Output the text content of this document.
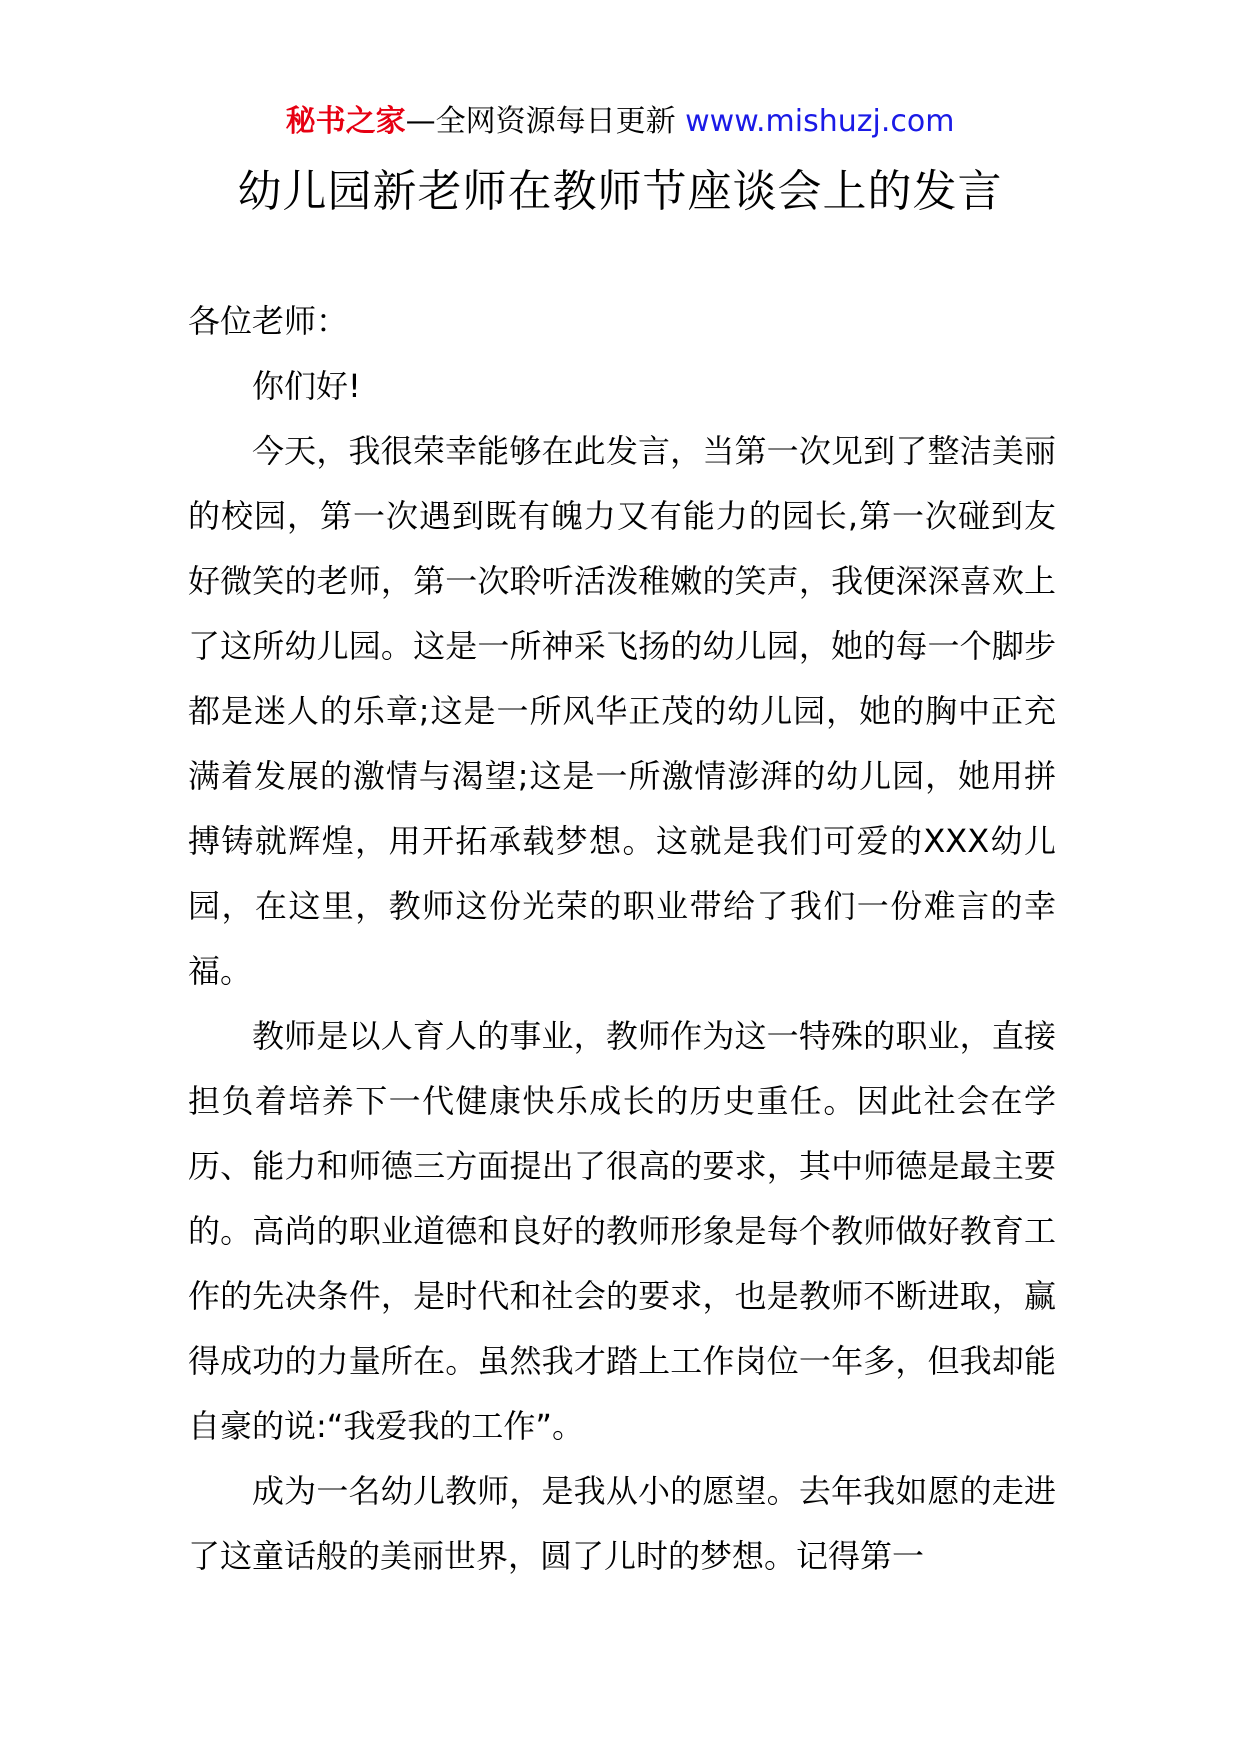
秘书之家—全网资源每日更新 www.mishuzj.com
幼儿园新老师在教师节座谈会上的发言

各位老师：

你们好!

今天，我很荣幸能够在此发言，当第一次见到了整洁美丽的校园，第一次遇到既有魄力又有能力的园长,第一次碰到友好微笑的老师，第一次聆听活泼稚嫩的笑声，我便深深喜欢上了这所幼儿园。这是一所神采飞扬的幼儿园，她的每一个脚步都是迷人的乐章;这是一所风华正茂的幼儿园，她的胸中正充满着发展的激情与渴望;这是一所激情澎湃的幼儿园，她用拼搏铸就辉煌，用开拓承载梦想。这就是我们可爱的XXX幼儿园，在这里，教师这份光荣的职业带给了我们一份难言的幸福。

教师是以人育人的事业，教师作为这一特殊的职业，直接担负着培养下一代健康快乐成长的历史重任。因此社会在学历、能力和师德三方面提出了很高的要求，其中师德是最主要的。高尚的职业道德和良好的教师形象是每个教师做好教育工作的先决条件，是时代和社会的要求，也是教师不断进取，赢得成功的力量所在。虽然我才踏上工作岗位一年多，但我却能自豪的说:“我爱我的工作”。

成为一名幼儿教师，是我从小的愿望。去年我如愿的走进了这童话般的美丽世界，圆了儿时的梦想。记得第一
